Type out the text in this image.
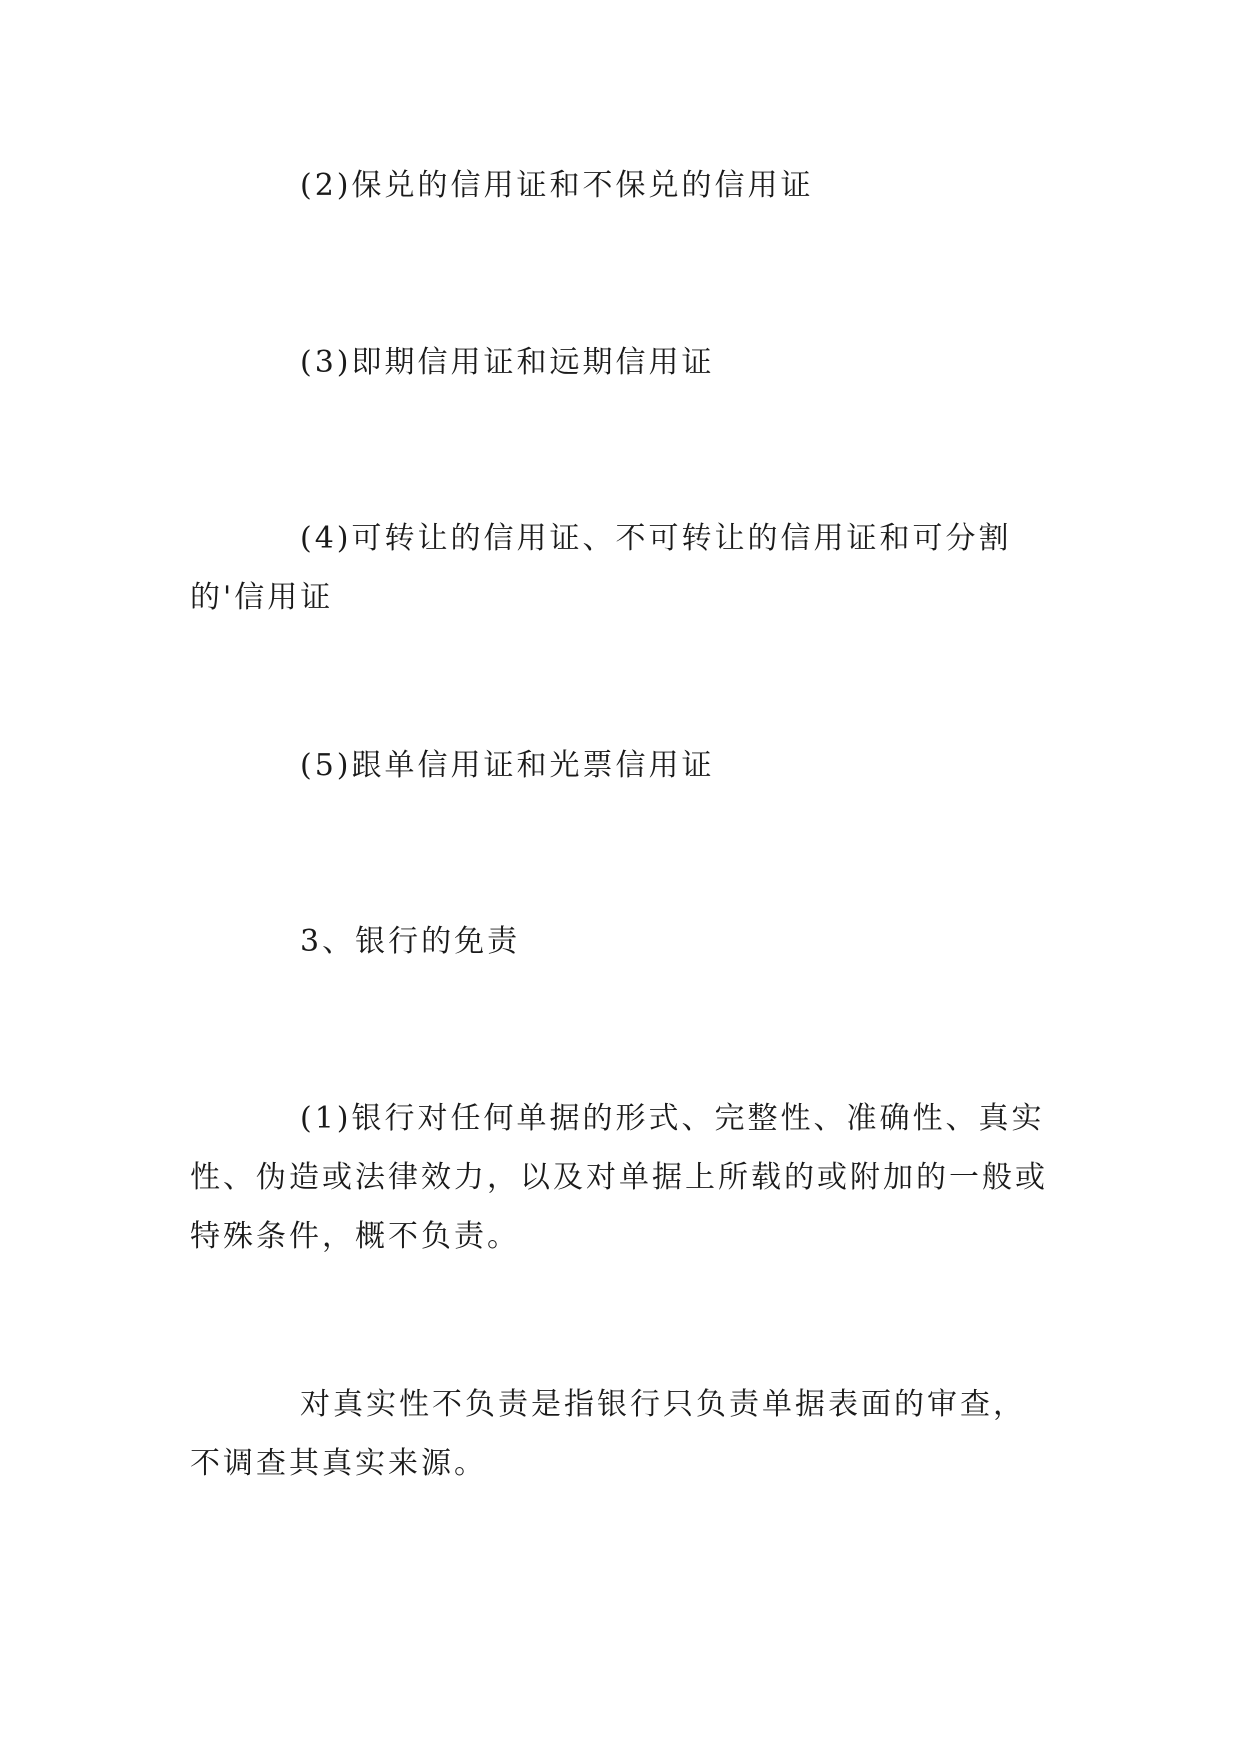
(2)保兑的信用证和不保兑的信用证

(3)即期信用证和远期信用证

(4)可转让的信用证、不可转让的信用证和可分割的'信用证

(5)跟单信用证和光票信用证

3、银行的免责

(1)银行对任何单据的形式、完整性、准确性、真实性、伪造或法律效力，以及对单据上所载的或附加的一般或特殊条件，概不负责。

对真实性不负责是指银行只负责单据表面的审查，不调查其真实来源。
